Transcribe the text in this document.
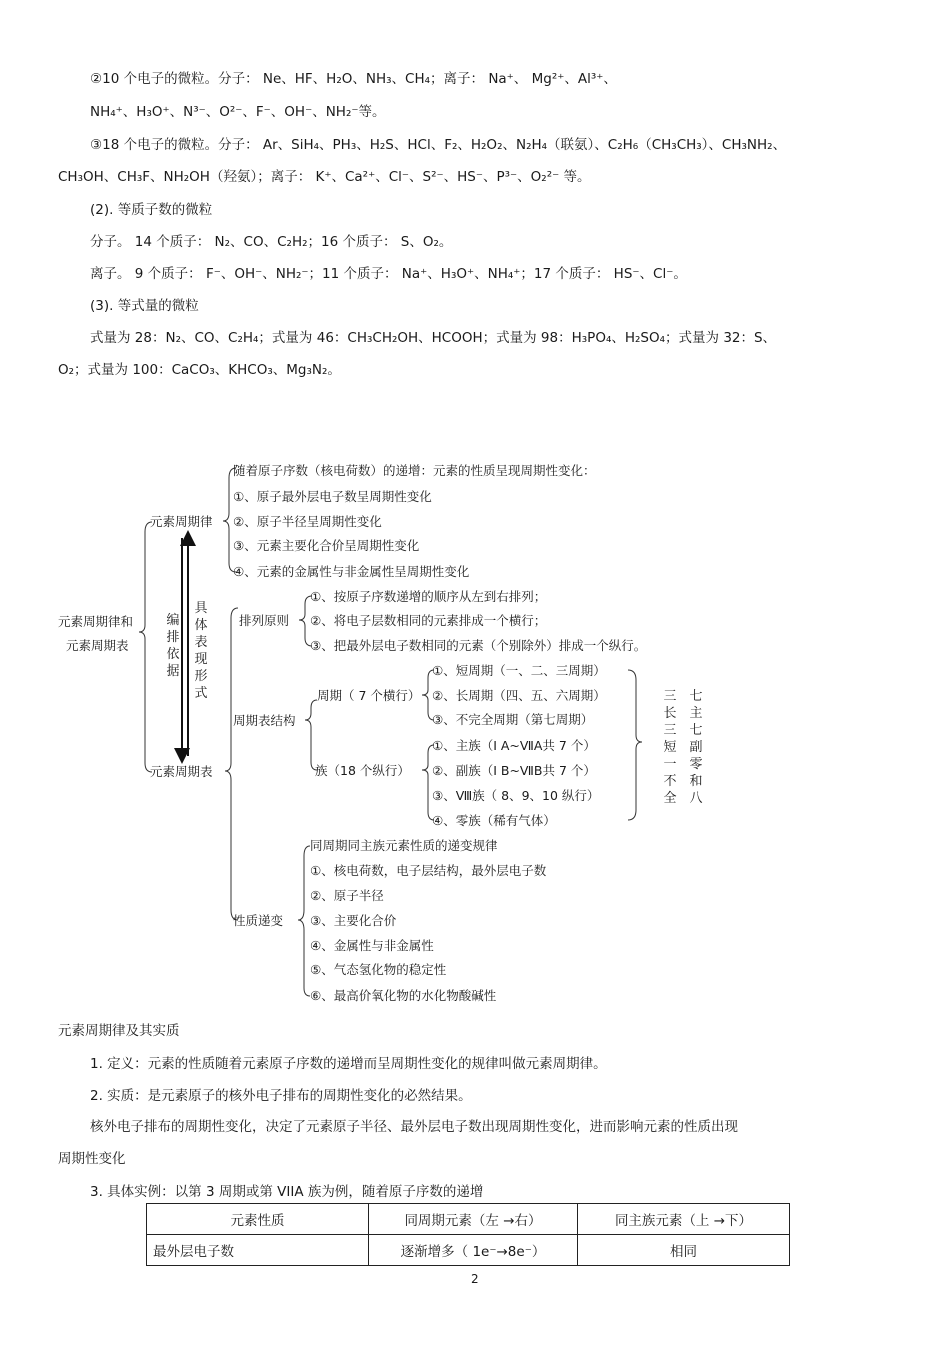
②10 个电子的微粒。分子： Ne、HF、H₂O、NH₃、CH₄；离子： Na⁺、 Mg²⁺、Al³⁺、
NH₄⁺、H₃O⁺、N³⁻、O²⁻、F⁻、OH⁻、NH₂⁻等。
③18 个电子的微粒。分子： Ar、SiH₄、PH₃、H₂S、HCl、F₂、H₂O₂、N₂H₄（联氨）、C₂H₆（CH₃CH₃）、CH₃NH₂、
CH₃OH、CH₃F、NH₂OH（羟氨）；离子： K⁺、Ca²⁺、Cl⁻、S²⁻、HS⁻、P³⁻、O₂²⁻ 等。
(2). 等质子数的微粒
分子。 14 个质子： N₂、CO、C₂H₂；16 个质子： S、O₂。
离子。 9 个质子： F⁻、OH⁻、NH₂⁻；11 个质子： Na⁺、H₃O⁺、NH₄⁺；17 个质子： HS⁻、Cl⁻。
(3). 等式量的微粒
式量为 28：N₂、CO、C₂H₄；式量为 46：CH₃CH₂OH、HCOOH；式量为 98：H₃PO₄、H₂SO₄；式量为 32：S、
O₂；式量为 100：CaCO₃、KHCO₃、Mg₃N₂。
元素周期律和
元素周期表
元素周期律
元素周期表
编排依据
具体表现形式
随着原子序数（核电荷数）的递增：元素的性质呈现周期性变化：
①、原子最外层电子数呈周期性变化
②、原子半径呈周期性变化
③、元素主要化合价呈周期性变化
④、元素的金属性与非金属性呈周期性变化
排列原则
①、按原子序数递增的顺序从左到右排列；
②、将电子层数相同的元素排成一个横行；
③、把最外层电子数相同的元素（个别除外）排成一个纵行。
周期表结构
周期（ 7 个横行）
①、短周期（一、二、三周期）
②、长周期（四、五、六周期）
③、不完全周期（第七周期）
族（18 个纵行）
①、主族（Ⅰ A~ⅦA共 7 个）
②、副族（Ⅰ B~ⅦB共 7 个）
③、Ⅷ族（ 8、9、10 纵行）
④、零族（稀有气体）
三长三短一不全
七主七副零和八
性质递变
同周期同主族元素性质的递变规律
①、核电荷数，电子层结构，最外层电子数
②、原子半径
③、主要化合价
④、金属性与非金属性
⑤、气态氢化物的稳定性
⑥、最高价氧化物的水化物酸碱性
元素周期律及其实质
1. 定义：元素的性质随着元素原子序数的递增而呈周期性变化的规律叫做元素周期律。
2. 实质：是元素原子的核外电子排布的周期性变化的必然结果。
核外电子排布的周期性变化，决定了元素原子半径、最外层电子数出现周期性变化，进而影响元素的性质出现
周期性变化
3. 具体实例：以第 3 周期或第 VIIA 族为例，随着原子序数的递增
元素性质	同周期元素（左 →右）	同主族元素（上 →下）
最外层电子数	逐渐增多（ 1e⁻→8e⁻）	相同
2
